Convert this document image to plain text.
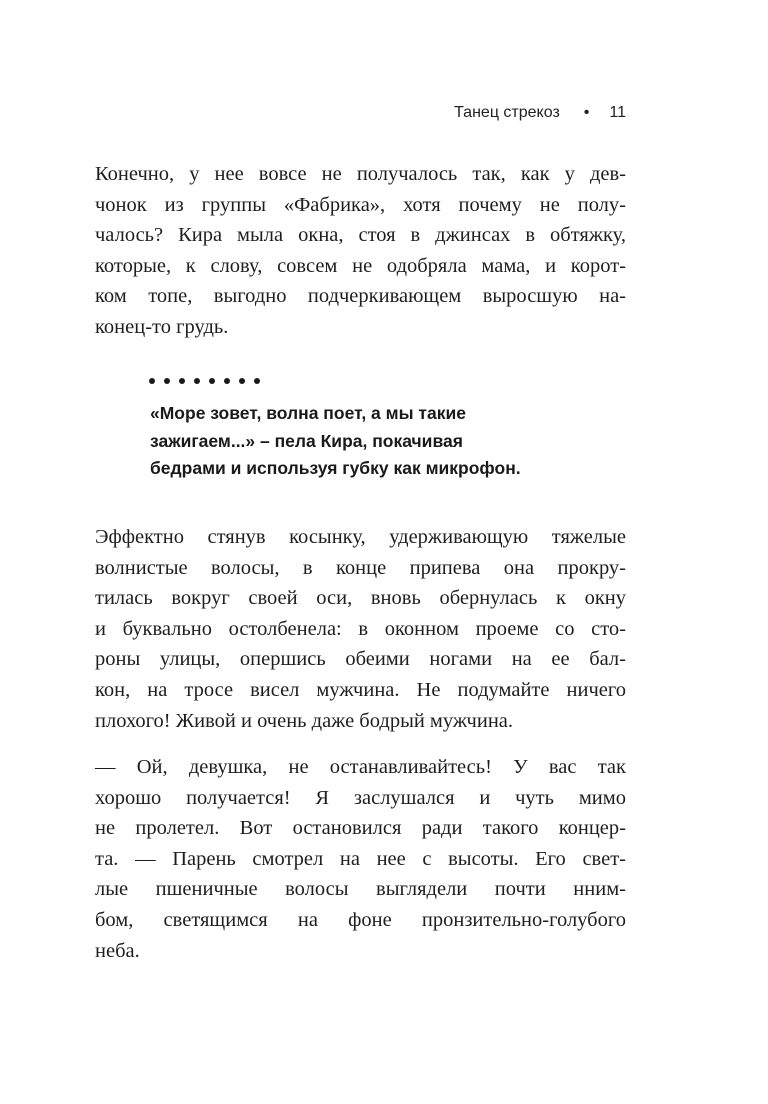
Танец стрекоз • 11
Конечно, у нее вовсе не получалось так, как у дев-
чонок из группы «Фабрика», хотя почему не полу-
чалось? Кира мыла окна, стоя в джинсах в обтяжку,
которые, к слову, совсем не одобряла мама, и корот-
ком топе, выгодно подчеркивающем выросшую на-
конец-то грудь.
«Море зовет, волна поет, а мы такие
зажигаем...» – пела Кира, покачивая
бедрами и используя губку как микрофон.
Эффектно стянув косынку, удерживающую тяжелые
волнистые волосы, в конце припева она прокру-
тилась вокруг своей оси, вновь обернулась к окну
и буквально остолбенела: в оконном проеме со сто-
роны улицы, опершись обеими ногами на ее бал-
кон, на тросе висел мужчина. Не подумайте ничего
плохого! Живой и очень даже бодрый мужчина.
— Ой, девушка, не останавливайтесь! У вас так
хорошо получается! Я заслушался и чуть мимо
не пролетел. Вот остановился ради такого концер-
та. — Парень смотрел на нее с высоты. Его свет-
лые пшеничные волосы выглядели почти нним-
бом, светящимся на фоне пронзительно-голубого
неба.
